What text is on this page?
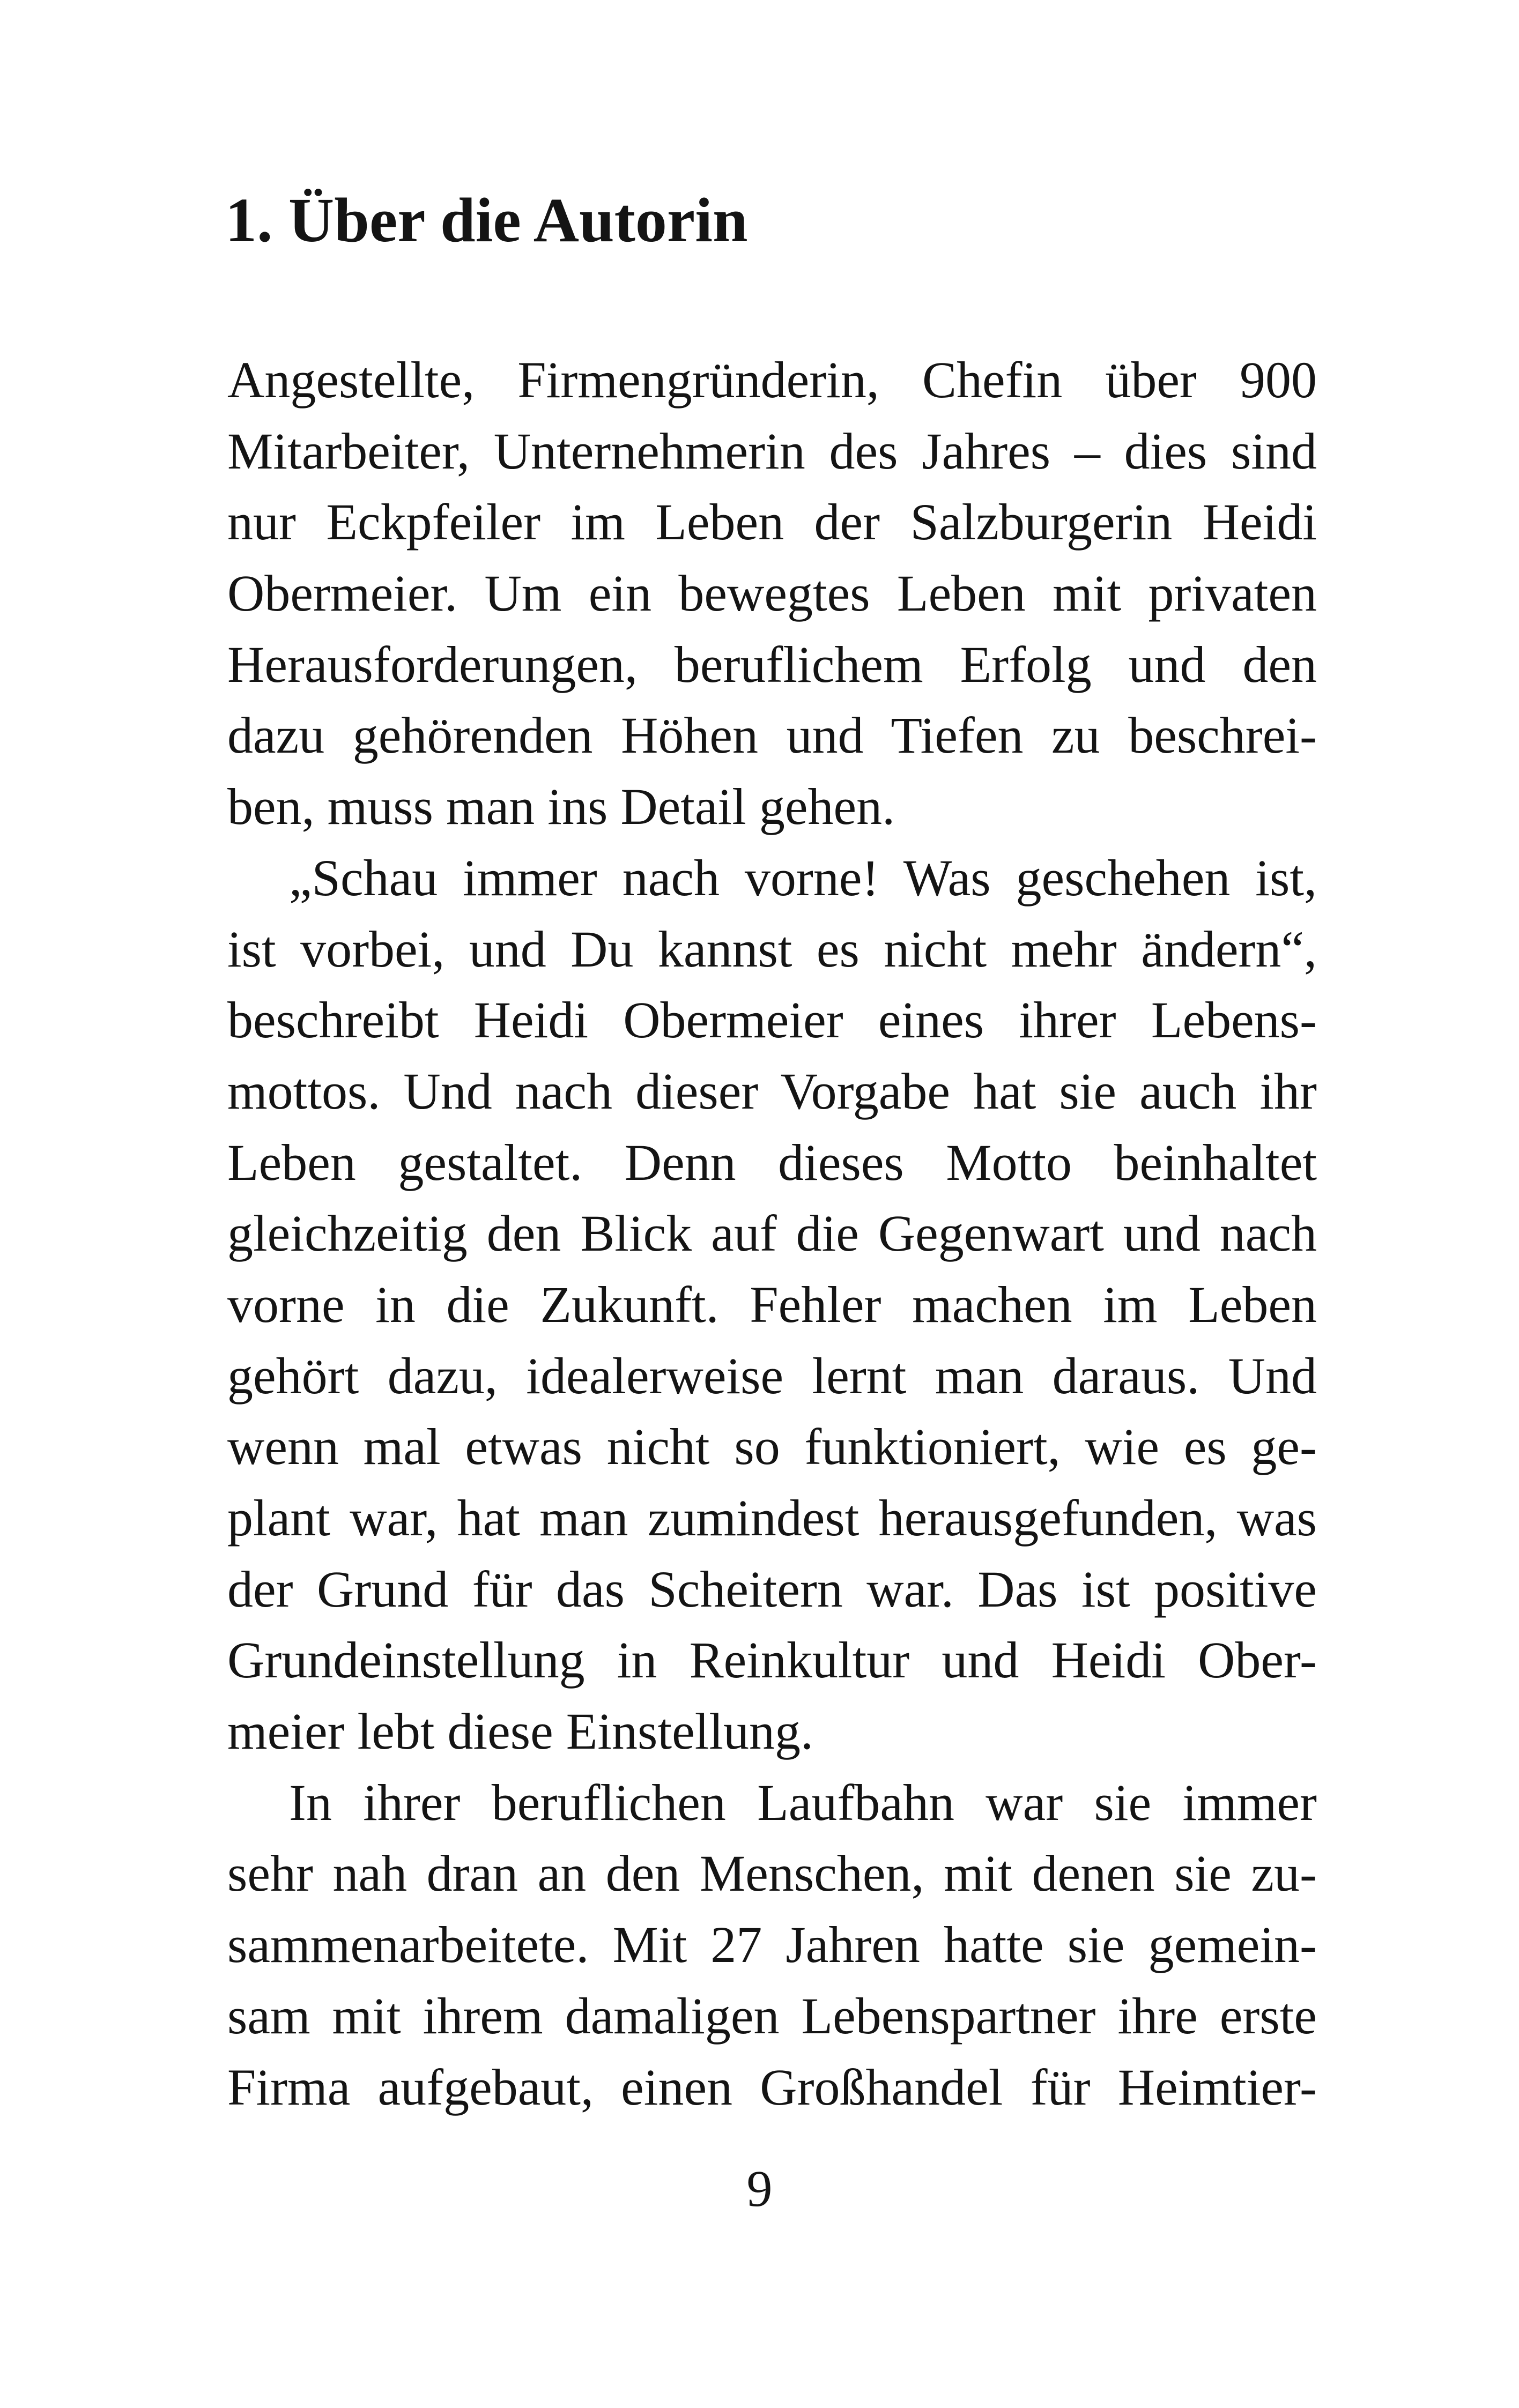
1. Über die Autorin

Angestellte, Firmengründerin, Chefin über 900
Mitarbeiter, Unternehmerin des Jahres – dies sind
nur Eckpfeiler im Leben der Salzburgerin Heidi
Obermeier. Um ein bewegtes Leben mit privaten
Herausforderungen, beruflichem Erfolg und den
dazu gehörenden Höhen und Tiefen zu beschrei-
ben, muss man ins Detail gehen.

„Schau immer nach vorne! Was geschehen ist,
ist vorbei, und Du kannst es nicht mehr ändern“,
beschreibt Heidi Obermeier eines ihrer Lebens-
mottos. Und nach dieser Vorgabe hat sie auch ihr
Leben gestaltet. Denn dieses Motto beinhaltet
gleichzeitig den Blick auf die Gegenwart und nach
vorne in die Zukunft. Fehler machen im Leben
gehört dazu, idealerweise lernt man daraus. Und
wenn mal etwas nicht so funktioniert, wie es ge-
plant war, hat man zumindest herausgefunden, was
der Grund für das Scheitern war. Das ist positive
Grundeinstellung in Reinkultur und Heidi Ober-
meier lebt diese Einstellung.

In ihrer beruflichen Laufbahn war sie immer
sehr nah dran an den Menschen, mit denen sie zu-
sammenarbeitete. Mit 27 Jahren hatte sie gemein-
sam mit ihrem damaligen Lebenspartner ihre erste
Firma aufgebaut, einen Großhandel für Heimtier-

9
